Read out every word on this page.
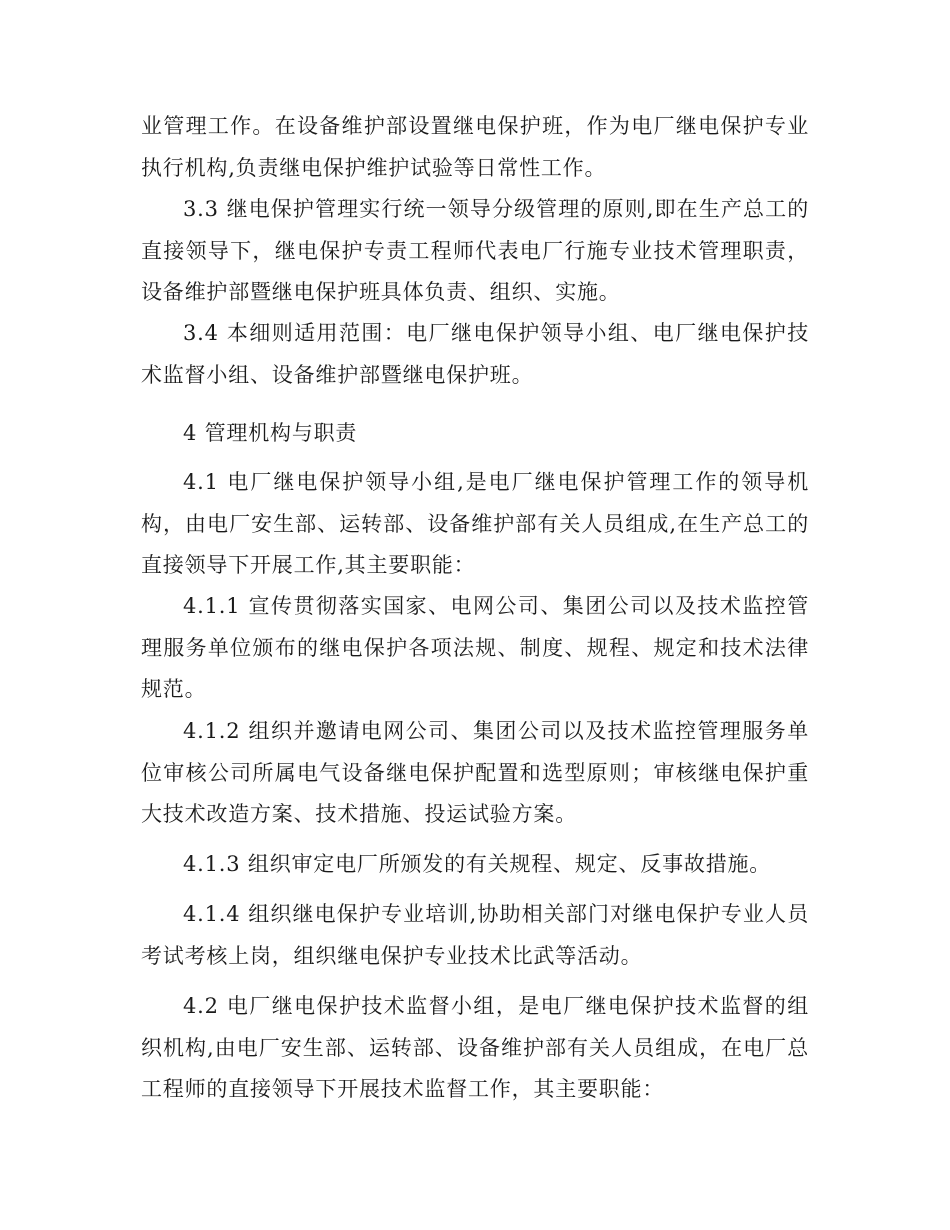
业管理工作。在设备维护部设置继电保护班，作为电厂继电保护专业执行机构,负责继电保护维护试验等日常性工作。

3.3 继电保护管理实行统一领导分级管理的原则,即在生产总工的直接领导下，继电保护专责工程师代表电厂行施专业技术管理职责，设备维护部暨继电保护班具体负责、组织、实施。

3.4 本细则适用范围：电厂继电保护领导小组、电厂继电保护技术监督小组、设备维护部暨继电保护班。

4 管理机构与职责

4.1 电厂继电保护领导小组,是电厂继电保护管理工作的领导机构，由电厂安生部、运转部、设备维护部有关人员组成,在生产总工的直接领导下开展工作,其主要职能：

4.1.1 宣传贯彻落实国家、电网公司、集团公司以及技术监控管理服务单位颁布的继电保护各项法规、制度、规程、规定和技术法律规范。

4.1.2 组织并邀请电网公司、集团公司以及技术监控管理服务单位审核公司所属电气设备继电保护配置和选型原则；审核继电保护重大技术改造方案、技术措施、投运试验方案。

4.1.3 组织审定电厂所颁发的有关规程、规定、反事故措施。

4.1.4 组织继电保护专业培训,协助相关部门对继电保护专业人员考试考核上岗，组织继电保护专业技术比武等活动。

4.2 电厂继电保护技术监督小组，是电厂继电保护技术监督的组织机构,由电厂安生部、运转部、设备维护部有关人员组成，在电厂总工程师的直接领导下开展技术监督工作，其主要职能：
